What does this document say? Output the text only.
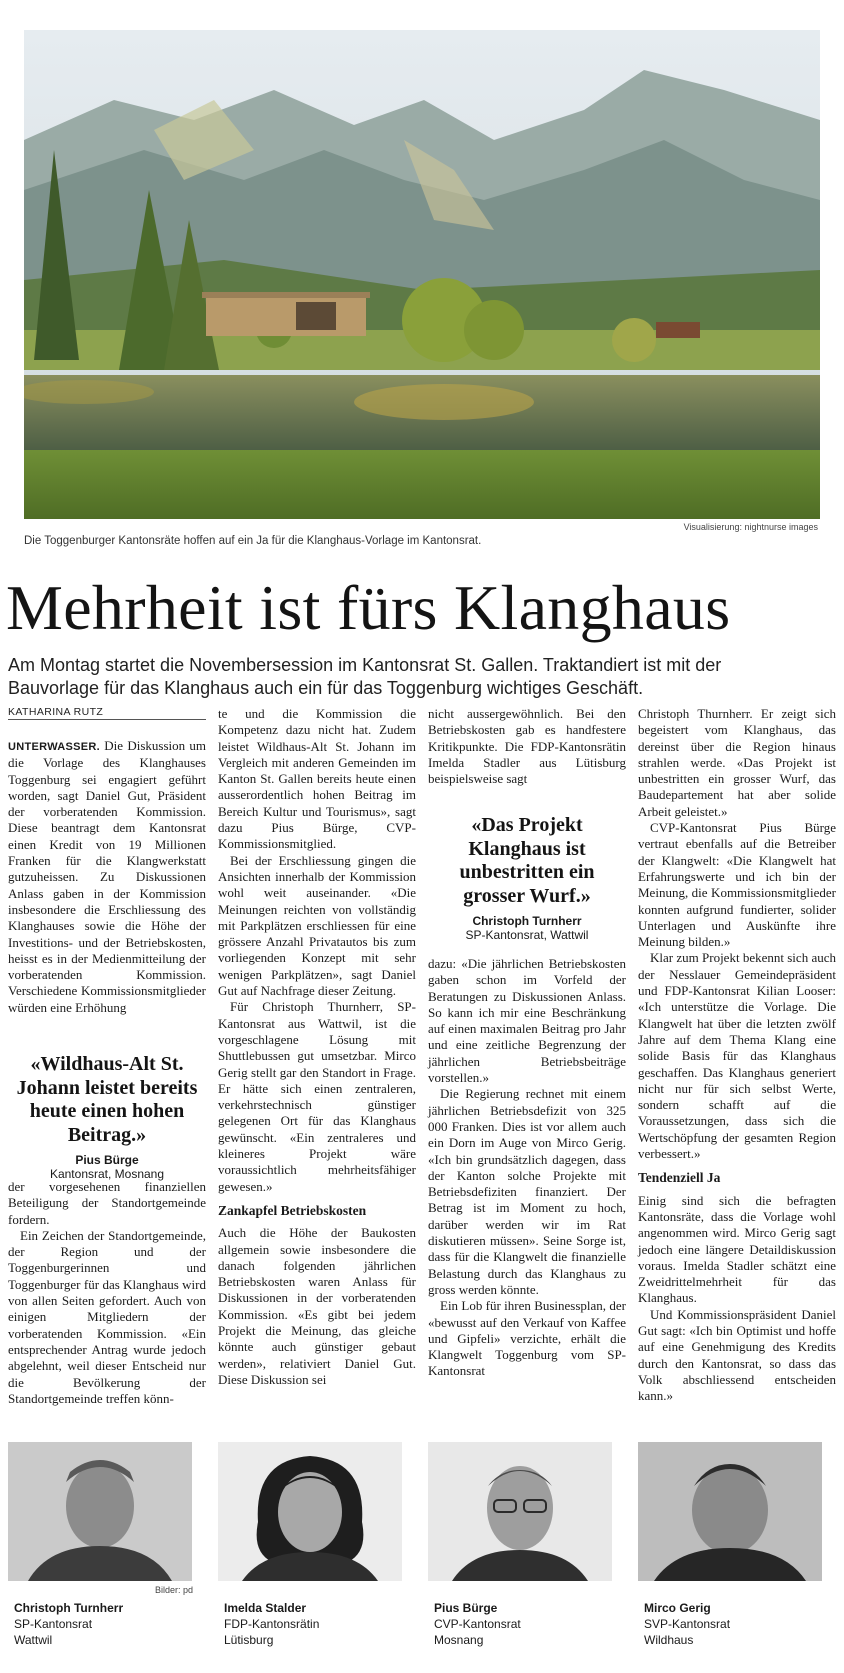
Visualisierung: nightnurse images
Die Toggenburger Kantonsräte hoffen auf ein Ja für die Klanghaus-Vorlage im Kantonsrat.
Mehrheit ist fürs Klanghaus
Am Montag startet die Novembersession im Kantonsrat St. Gallen. Traktandiert ist mit der Bauvorlage für das Klanghaus auch ein für das Toggenburg wichtiges Geschäft.
KATHARINA RUTZ

UNTERWASSER. Die Diskussion um die Vorlage des Klanghauses Toggenburg sei engagiert geführt worden, sagt Daniel Gut, Präsident der vorberatenden Kommission. Diese beantragt dem Kantonsrat einen Kredit von 19 Millionen Franken für die Klangwerkstatt gutzuheissen. Zu Diskussionen Anlass gaben in der Kommission insbesondere die Erschliessung des Klanghauses sowie die Höhe der Investitions- und der Betriebskosten, heisst es in der Medienmitteilung der vorberatenden Kommission. Verschiedene Kommissionsmitglieder würden eine Erhöhung

«Wildhaus-Alt St. Johann leistet bereits heute einen hohen Beitrag.»
Pius Bürge
Kantonsrat, Mosnang

der vorgesehenen finanziellen Beteiligung der Standortgemeinde fordern.

Ein Zeichen der Standortgemeinde, der Region und der Toggenburgerinnen und Toggenburger für das Klanghaus wird von allen Seiten gefordert. Auch von einigen Mitgliedern der vorberatenden Kommission. «Ein entsprechender Antrag wurde jedoch abgelehnt, weil dieser Entscheid nur die Bevölkerung der Standortgemeinde treffen könn-

te und die Kommission die Kompetenz dazu nicht hat. Zudem leistet Wildhaus-Alt St. Johann im Vergleich mit anderen Gemeinden im Kanton St. Gallen bereits heute einen ausserordentlich hohen Beitrag im Bereich Kultur und Tourismus», sagt dazu Pius Bürge, CVP-Kommissionsmitglied.

Bei der Erschliessung gingen die Ansichten innerhalb der Kommission wohl weit auseinander. «Die Meinungen reichten von vollständig mit Parkplätzen erschliessen für eine grössere Anzahl Privatautos bis zum vorliegenden Konzept mit sehr wenigen Parkplätzen», sagt Daniel Gut auf Nachfrage dieser Zeitung.

Für Christoph Thurnherr, SP-Kantonsrat aus Wattwil, ist die vorgeschlagene Lösung mit Shuttlebussen gut umsetzbar. Mirco Gerig stellt gar den Standort in Frage. Er hätte sich einen zentraleren, verkehrstechnisch günstiger gelegenen Ort für das Klanghaus gewünscht. «Ein zentraleres und kleineres Projekt wäre voraussichtlich mehrheitsfähiger gewesen.»

Zankapfel Betriebskosten

Auch die Höhe der Baukosten allgemein sowie insbesondere die danach folgenden jährlichen Betriebskosten waren Anlass für Diskussionen in der vorberatenden Kommission. «Es gibt bei jedem Projekt die Meinung, das gleiche könnte auch günstiger gebaut werden», relativiert Daniel Gut. Diese Diskussion sei

nicht aussergewöhnlich. Bei den Betriebskosten gab es handfestere Kritikpunkte. Die FDP-Kantonsrätin Imelda Stadler aus Lütisburg beispielsweise sagt

«Das Projekt Klanghaus ist unbestritten ein grosser Wurf.»
Christoph Turnherr
SP-Kantonsrat, Wattwil

dazu: «Die jährlichen Betriebskosten gaben schon im Vorfeld der Beratungen zu Diskussionen Anlass. So kann ich mir eine Beschränkung auf einen maximalen Beitrag pro Jahr und eine zeitliche Begrenzung der jährlichen Betriebsbeiträge vorstellen.»

Die Regierung rechnet mit einem jährlichen Betriebsdefizit von 325 000 Franken. Dies ist vor allem auch ein Dorn im Auge von Mirco Gerig. «Ich bin grundsätzlich dagegen, dass der Kanton solche Projekte mit Betriebsdefiziten finanziert. Der Betrag ist im Moment zu hoch, darüber werden wir im Rat diskutieren müssen». Seine Sorge ist, dass für die Klangwelt die finanzielle Belastung durch das Klanghaus zu gross werden könnte.

Ein Lob für ihren Businessplan, der «bewusst auf den Verkauf von Kaffee und Gipfeli» verzichte, erhält die Klangwelt Toggenburg vom SP-Kantonsrat

Christoph Thurnherr. Er zeigt sich begeistert vom Klanghaus, das dereinst über die Region hinaus strahlen werde. «Das Projekt ist unbestritten ein grosser Wurf, das Baudepartement hat aber solide Arbeit geleistet.»

CVP-Kantonsrat Pius Bürge vertraut ebenfalls auf die Betreiber der Klangwelt: «Die Klangwelt hat Erfahrungswerte und ich bin der Meinung, die Kommissionsmitglieder konnten aufgrund fundierter, solider Unterlagen und Auskünfte ihre Meinung bilden.»

Klar zum Projekt bekennt sich auch der Nesslauer Gemeindepräsident und FDP-Kantonsrat Kilian Looser: «Ich unterstütze die Vorlage. Die Klangwelt hat über die letzten zwölf Jahre auf dem Thema Klang eine solide Basis für das Klanghaus geschaffen. Das Klanghaus generiert nicht nur für sich selbst Werte, sondern schafft auf die Voraussetzungen, dass sich die Wertschöpfung der gesamten Region verbessert.»

Tendenziell Ja

Einig sind sich die befragten Kantonsräte, dass die Vorlage wohl angenommen wird. Mirco Gerig sagt jedoch eine längere Detaildiskussion voraus. Imelda Stadler schätzt eine Zweidrittelmehrheit für das Klanghaus.

Und Kommissionspräsident Daniel Gut sagt: «Ich bin Optimist und hoffe auf eine Genehmigung des Kredits durch den Kantonsrat, so dass das Volk abschliessend entscheiden kann.»

Bilder: pd
Christoph Turnherr
SP-Kantonsrat
Wattwil
Imelda Stalder
FDP-Kantonsrätin
Lütisburg
Pius Bürge
CVP-Kantonsrat
Mosnang
Mirco Gerig
SVP-Kantonsrat
Wildhaus
